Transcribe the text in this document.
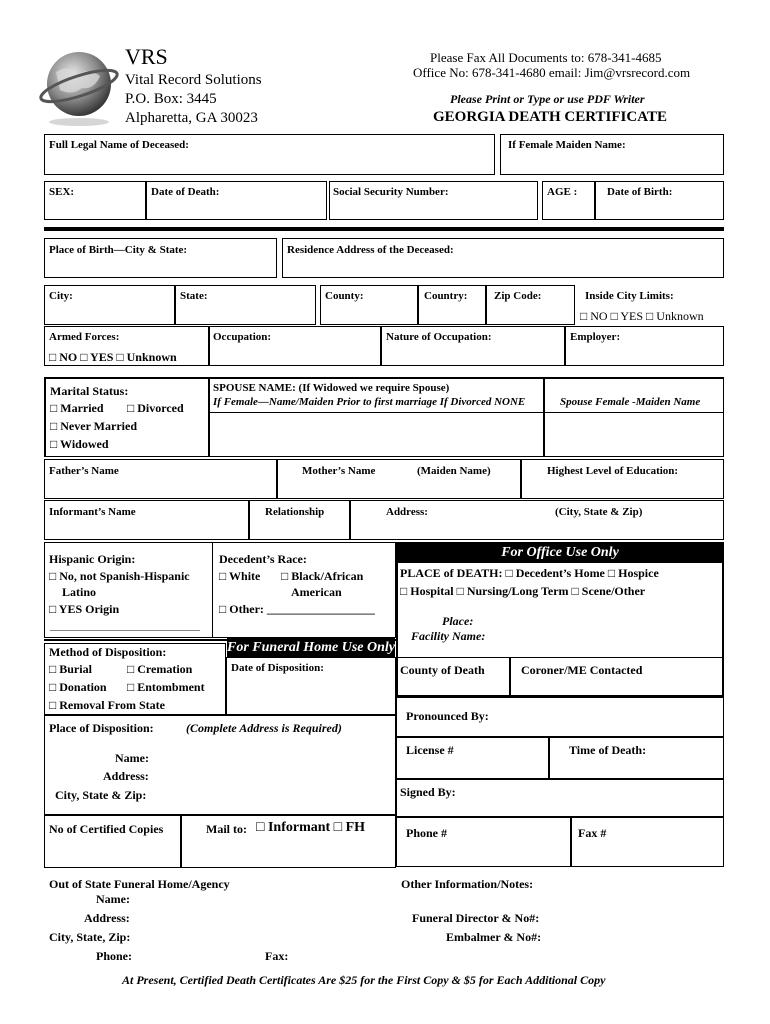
VRS
Vital Record Solutions
P.O. Box: 3445
Alpharetta, GA 30023
Please Fax All Documents to: 678-341-4685
Office No: 678-341-4680 email: Jim@vrsrecord.com
Please Print or Type or use PDF Writer
GEORGIA DEATH CERTIFICATE
Full Legal Name of Deceased:	If Female Maiden Name:
SEX:	Date of Death:	Social Security Number:	AGE :	Date of Birth:
Place of Birth—City & State:	Residence Address of the Deceased:
City:	State:	County:	Country: Zip Code:	Inside City Limits:
□ NO □ YES □ Unknown
Armed Forces:
□ NO □ YES □ Unknown
Occupation:	Nature of Occupation:	Employer:
Marital Status:
□ Married □ Divorced
□ Never Married
□ Widowed
SPOUSE NAME: (If Widowed we require Spouse)
If Female—Name/Maiden Prior to first marriage If Divorced NONE	Spouse Female -Maiden Name
Father’s Name	Mother’s Name	(Maiden Name)	Highest Level of Education:
Informant’s Name	Relationship	Address:	(City, State & Zip)
Hispanic Origin:
□ No, not Spanish-Hispanic
Latino
□ YES Origin
Decedent’s Race:
□ White □ Black/African
American
□ Other: __________________
For Office Use Only
PLACE of DEATH: □ Decedent’s Home □ Hospice
□ Hospital □ Nursing/Long Term □ Scene/Other
Place:
Facility Name:
County of Death	Coroner/ME Contacted
Pronounced By:
License #	Time of Death:
Signed By:
Phone #	Fax #
Method of Disposition:
□ Burial	□ Cremation
□ Donation □ Entombment
□ Removal From State
For Funeral Home Use Only
Date of Disposition:
Place of Disposition:	(Complete Address is Required)
Name:
Address:
City, State & Zip:
No of Certified Copies	Mail to: □ Informant □ FH
Out of State Funeral Home/Agency
Name:
Address:
City, State, Zip:
Phone:	Fax:
Other Information/Notes:
Funeral Director & No#:
Embalmer & No#:
At Present, Certified Death Certificates Are $25 for the First Copy & $5 for Each Additional Copy
